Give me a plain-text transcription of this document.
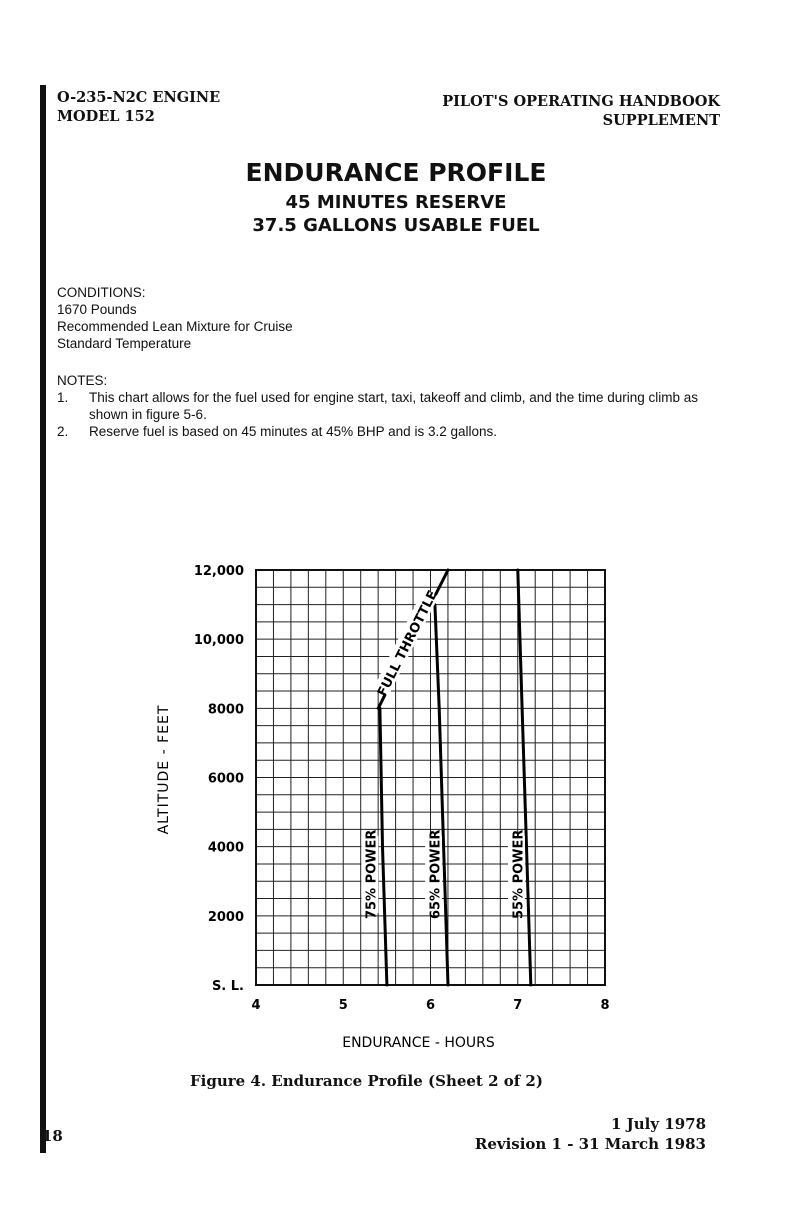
O-235-N2C ENGINE
MODEL 152
PILOT'S OPERATING HANDBOOK
SUPPLEMENT
ENDURANCE PROFILE
45 MINUTES RESERVE
37.5 GALLONS USABLE FUEL
CONDITIONS:
1670 Pounds
Recommended Lean Mixture for Cruise
Standard Temperature
NOTES:
1.	This chart allows for the fuel used for engine start, taxi, takeoff and climb, and the time during climb as shown in figure 5-6.
2.	Reserve fuel is based on 45 minutes at 45% BHP and is 3.2 gallons.
FULL THROTTLE
75% POWER	65% POWER	55% POWER
4	5	6	7	8
S. L.
2000
4000
6000
8000
10,000
12,000
ENDURANCE - HOURS
ALTITUDE - FEET
Figure 4. Endurance Profile (Sheet 2 of 2)
18
1 July 1978
Revision 1 - 31 March 1983
